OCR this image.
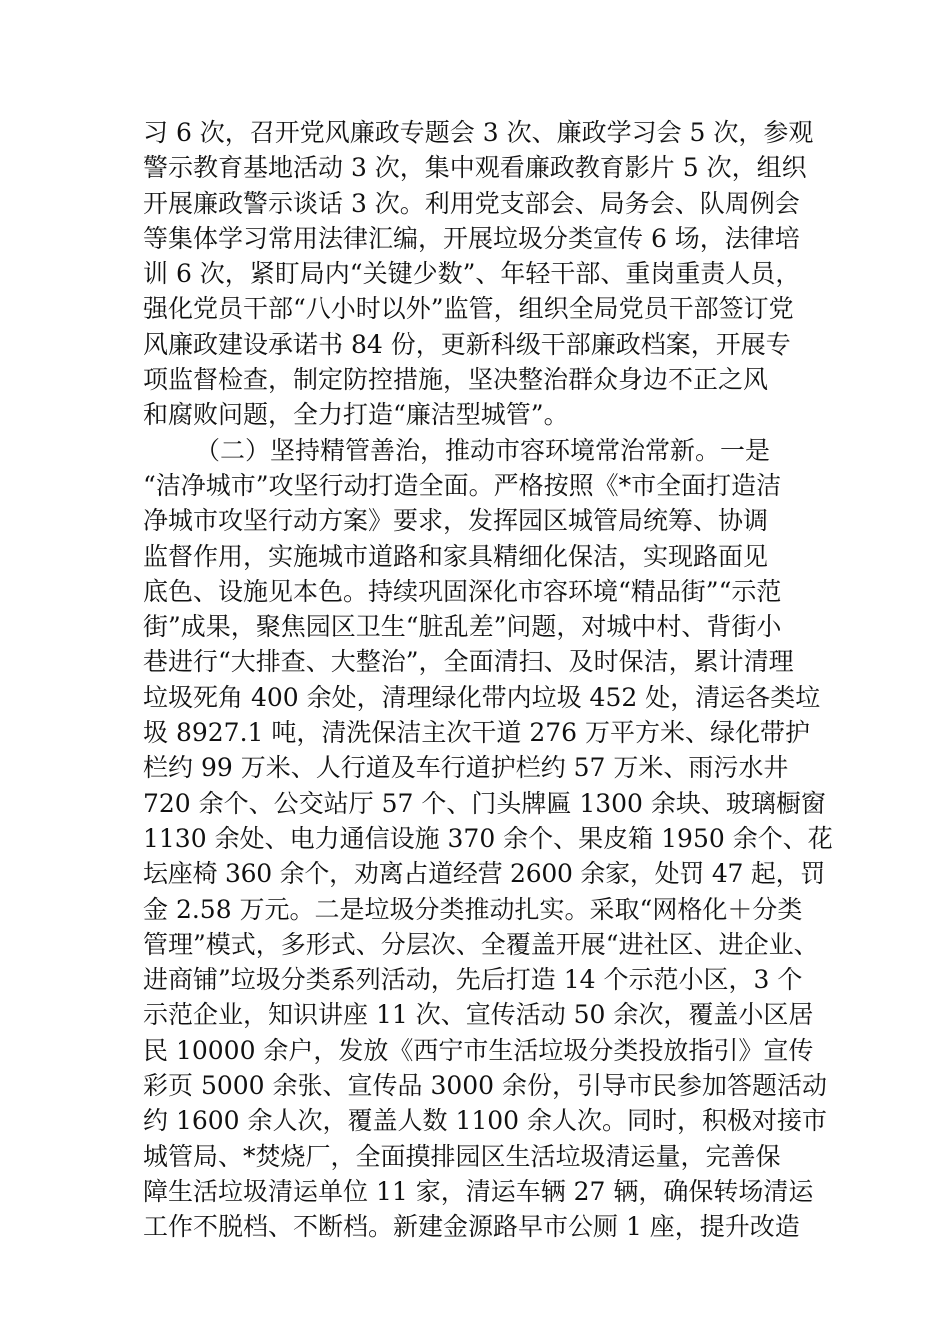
习 6 次，召开党风廉政专题会 3 次、廉政学习会 5 次，参观
警示教育基地活动 3 次，集中观看廉政教育影片 5 次，组织
开展廉政警示谈话 3 次。利用党支部会、局务会、队周例会
等集体学习常用法律汇编，开展垃圾分类宣传 6 场，法律培
训 6 次，紧盯局内“关键少数”、年轻干部、重岗重责人员，
强化党员干部“八小时以外”监管，组织全局党员干部签订党
风廉政建设承诺书 84 份，更新科级干部廉政档案，开展专
项监督检查，制定防控措施，坚决整治群众身边不正之风
和腐败问题，全力打造“廉洁型城管”。
（二）坚持精管善治，推动市容环境常治常新。一是
“洁净城市”攻坚行动打造全面。严格按照《*市全面打造洁
净城市攻坚行动方案》要求，发挥园区城管局统筹、协调
监督作用，实施城市道路和家具精细化保洁，实现路面见
底色、设施见本色。持续巩固深化市容环境“精品街”“示范
街”成果，聚焦园区卫生“脏乱差”问题，对城中村、背街小
巷进行“大排查、大整治”，全面清扫、及时保洁，累计清理
垃圾死角 400 余处，清理绿化带内垃圾 452 处，清运各类垃
圾 8927.1 吨，清洗保洁主次干道 276 万平方米、绿化带护
栏约 99 万米、人行道及车行道护栏约 57 万米、雨污水井
720 余个、公交站厅 57 个、门头牌匾 1300 余块、玻璃橱窗
1130 余处、电力通信设施 370 余个、果皮箱 1950 余个、花
坛座椅 360 余个，劝离占道经营 2600 余家，处罚 47 起，罚
金 2.58 万元。二是垃圾分类推动扎实。采取“网格化＋分类
管理”模式，多形式、分层次、全覆盖开展“进社区、进企业、
进商铺”垃圾分类系列活动，先后打造 14 个示范小区，3 个
示范企业，知识讲座 11 次、宣传活动 50 余次，覆盖小区居
民 10000 余户，发放《西宁市生活垃圾分类投放指引》宣传
彩页 5000 余张、宣传品 3000 余份，引导市民参加答题活动
约 1600 余人次，覆盖人数 1100 余人次。同时，积极对接市
城管局、*焚烧厂，全面摸排园区生活垃圾清运量，完善保
障生活垃圾清运单位 11 家，清运车辆 27 辆，确保转场清运
工作不脱档、不断档。新建金源路早市公厕 1 座，提升改造
